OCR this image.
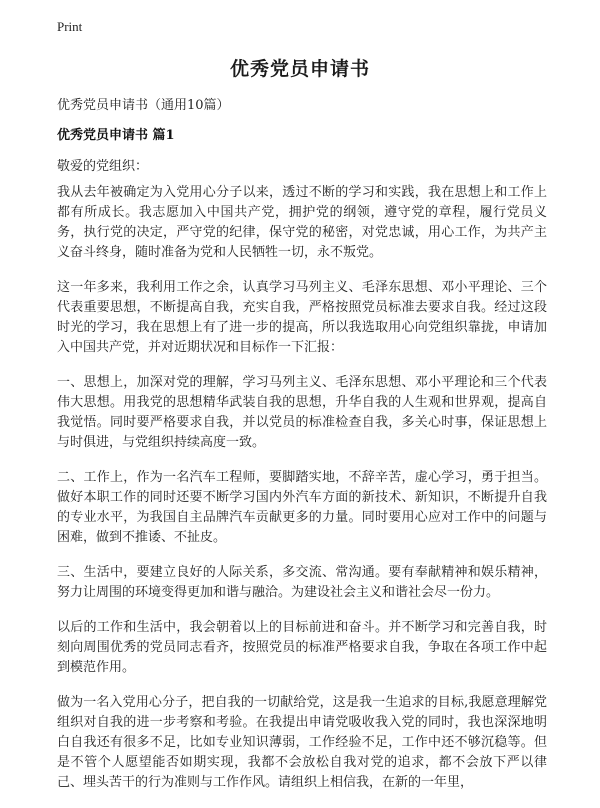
Print
优秀党员申请书
优秀党员申请书（通用10篇）
优秀党员申请书 篇1
敬爱的党组织：

我从去年被确定为入党用心分子以来，透过不断的学习和实践，我在思想上和工作上都有所成长。我志愿加入中国共产党，拥护党的纲领，遵守党的章程，履行党员义务，执行党的决定，严守党的纪律，保守党的秘密，对党忠诚，用心工作，为共产主义奋斗终身，随时准备为党和人民牺牲一切，永不叛党。

这一年多来，我利用工作之余，认真学习马列主义、毛泽东思想、邓小平理论、三个代表重要思想，不断提高自我，充实自我，严格按照党员标准去要求自我。经过这段时光的学习，我在思想上有了进一步的提高，所以我选取用心向党组织靠拢，申请加入中国共产党，并对近期状况和目标作一下汇报：

一、思想上，加深对党的理解，学习马列主义、毛泽东思想、邓小平理论和三个代表伟大思想。用我党的思想精华武装自我的思想，升华自我的人生观和世界观，提高自我觉悟。同时要严格要求自我，并以党员的标准检查自我，多关心时事，保证思想上与时俱进，与党组织持续高度一致。

二、工作上，作为一名汽车工程师，要脚踏实地，不辞辛苦，虚心学习，勇于担当。做好本职工作的同时还要不断学习国内外汽车方面的新技术、新知识，不断提升自我的专业水平，为我国自主品牌汽车贡献更多的力量。同时要用心应对工作中的问题与困难，做到不推诿、不扯皮。

三、生活中，要建立良好的人际关系，多交流、常沟通。要有奉献精神和娱乐精神，努力让周围的环境变得更加和谐与融洽。为建设社会主义和谐社会尽一份力。

以后的工作和生活中，我会朝着以上的目标前进和奋斗。并不断学习和完善自我，时刻向周围优秀的党员同志看齐，按照党员的标准严格要求自我，争取在各项工作中起到模范作用。

做为一名入党用心分子，把自我的一切献给党，这是我一生追求的目标,我愿意理解党组织对自我的进一步考察和考验。在我提出申请党吸收我入党的同时，我也深深地明白自我还有很多不足，比如专业知识薄弱，工作经验不足，工作中还不够沉稳等。但是不管个人愿望能否如期实现，我都不会放松自我对党的追求，都不会放下严以律己、埋头苦干的行为准则与工作作风。请组织上相信我，在新的一年里，
